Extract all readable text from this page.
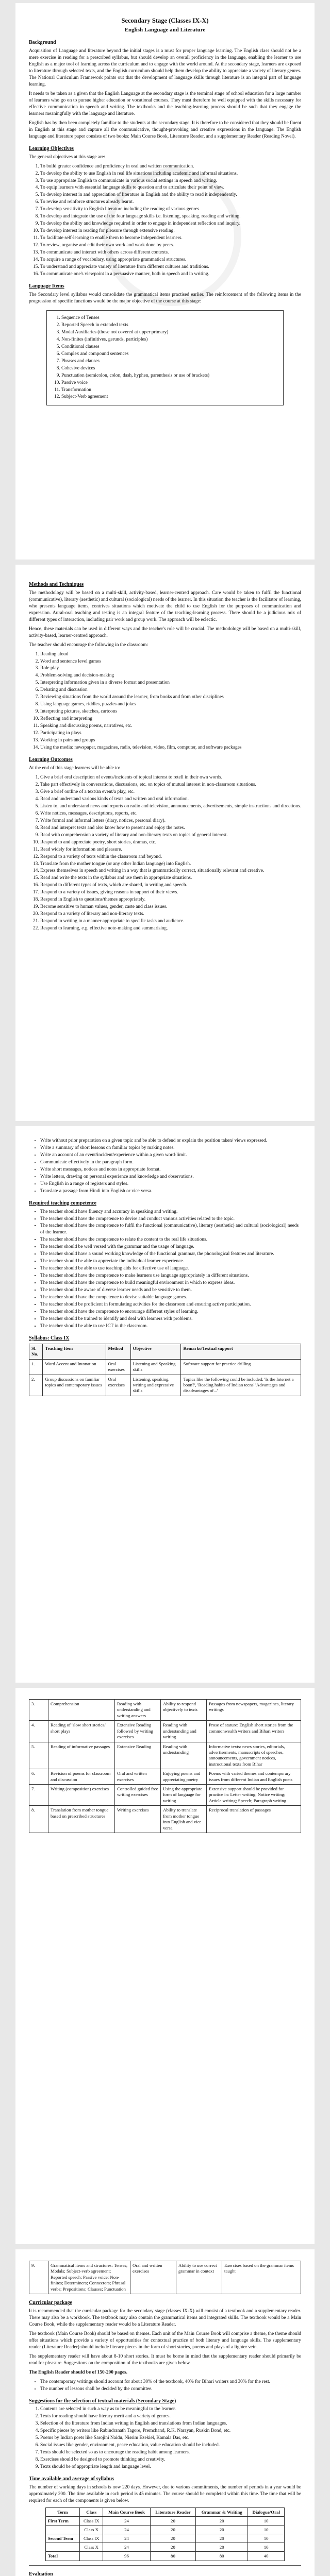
Secondary Stage (Classes IX-X)
English Language and Literature
Background

Acquisition of Language and literature beyond the initial stages is a must for proper language learning. The English class should not be a mere exercise in reading for a prescribed syllabus, but should develop an overall proficiency in the language, enabling the learner to use English as a major tool of learning across the curriculum and to engage with the world around. At the secondary stage, learners are exposed to literature through selected texts, and the English curriculum should help them develop the ability to appreciate a variety of literary genres. The National Curriculum Framework points out that the development of language skills through literature is an integral part of language learning.

It needs to be taken as a given that the English Language at the secondary stage is the terminal stage of school education for a large number of learners who go on to pursue higher education or vocational courses. They must therefore be well equipped with the skills necessary for effective communication in speech and writing. The textbooks and the teaching-learning process should be such that they engage the learners meaningfully with the language and literature.

English has by then been completely familiar to the students at the secondary stage. It is therefore to be considered that they should be fluent in English at this stage and capture all the communicative, thought-provoking and creative expressions in the language. The English language and literature paper consists of two books: Main Course Book, Literature Reader, and a supplementary Reader (Reading Novel).

Learning Objectives

The general objectives at this stage are:

1. To build greater confidence and proficiency in oral and written communication.
2. To develop the ability to use English in real life situations including academic and informal situations.
3. To use appropriate English to communicate in various social settings in speech and writing.
4. To equip learners with essential language skills to question and to articulate their point of view.
5. To develop interest in and appreciation of literature in English and the ability to read it independently.
6. To revise and reinforce structures already learnt.
7. To develop sensitivity to English literature including the reading of various genres.
8. To develop and integrate the use of the four language skills i.e. listening, speaking, reading and writing.
9. To develop the ability and knowledge required in order to engage in independent reflection and inquiry.
10. To develop interest in reading for pleasure through extensive reading.
11. To facilitate self-learning to enable them to become independent learners.
12. To review, organise and edit their own work and work done by peers.
13. To communicate and interact with others across different contexts.
14. To acquire a range of vocabulary, using appropriate grammatical structures.
15. To understand and appreciate variety of literature from different cultures and traditions.
16. To communicate one's viewpoint in a persuasive manner, both in speech and in writing.
Language Items

The Secondary level syllabus would consolidate the grammatical items practised earlier. The reinforcement of the following items in the progression of specific functions would be the major objective of the course at this stage:

1. Sequence of Tenses
2. Reported Speech in extended texts
3. Modal Auxiliaries (those not covered at upper primary)
4. Non-finites (infinitives, gerunds, participles)
5. Conditional clauses
6. Complex and compound sentences
7. Phrases and clauses
8. Cohesive devices
9. Punctuation (semicolon, colon, dash, hyphen, parenthesis or use of brackets)
10. Passive voice
11. Transformation
12. Subject-Verb agreement
Methods and Techniques

The methodology will be based on a multi-skill, activity-based, learner-centred approach. Care would be taken to fulfil the functional (communicative), literary (aesthetic) and cultural (sociological) needs of the learner. In this situation the teacher is the facilitator of learning, who presents language items, contrives situations which motivate the child to use English for the purposes of communication and expression. Aural-oral teaching and testing is an integral feature of the teaching-learning process. There should be a judicious mix of different types of interaction, including pair work and group work. The approach will be eclectic.

Hence, these materials can be used in different ways and the teacher's role will be crucial. The methodology will be based on a multi-skill, activity-based, learner-centred approach.

The teacher should encourage the following in the classroom:

1. Reading aloud
2. Word and sentence level games
3. Role play
4. Problem-solving and decision-making
5. Interpreting information given in a diverse format and presentation
6. Debating and discussion
7. Reviewing situations from the world around the learner, from books and from other disciplines
8. Using language games, riddles, puzzles and jokes
9. Interpreting pictures, sketches, cartoons
10. Reflecting and interpreting
11. Speaking and discussing poems, narratives, etc.
12. Participating in plays
13. Working in pairs and groups
14. Using the media: newspaper, magazines, radio, television, video, film, computer, and software packages
Learning Outcomes

At the end of this stage learners will be able to:

1. Give a brief oral description of events/incidents of topical interest to retell in their own words.
2. Take part effectively in conversations, discussions, etc. on topics of mutual interest in non-classroom situations.
3. Give a brief outline of a text/an event/a play, etc.
4. Read and understand various kinds of texts and written and oral information.
5. Listen to, and understand news and reports on radio and television, announcements, advertisements, simple instructions and directions.
6. Write notices, messages, descriptions, reports, etc.
7. Write formal and informal letters (diary, notices, personal diary).
8. Read and interpret texts and also know how to present and enjoy the notes.
9. Read with comprehension a variety of literary and non-literary texts on topics of general interest.
10. Respond to and appreciate poetry, short stories, dramas, etc.
11. Read widely for information and pleasure.
12. Respond to a variety of texts within the classroom and beyond.
13. Translate from the mother tongue (or any other Indian language) into English.
14. Express themselves in speech and writing in a way that is grammatically correct, situationally relevant and creative.
15. Read and write the texts in the syllabus and use them in appropriate situations.
16. Respond to different types of texts, which are shared, in writing and speech.
17. Respond to a variety of issues, giving reasons in support of their views.
18. Respond in English to questions/themes appropriately.
19. Become sensitive to human values, gender, caste and class issues.
20. Respond to a variety of literary and non-literary texts.
21. Respond in writing in a manner appropriate to specific tasks and audience.
22. Respond to learning, e.g. effective note-making and summarising.
• Write without prior preparation on a given topic and be able to defend or explain the position taken/ views expressed.
• Write a summary of short lessons on familiar topics by making notes.
• Write an account of an event/incident/experience within a given word-limit.
• Communicate effectively in the paragraph form.
• Write short messages, notices and notes in appropriate format.
• Write letters, drawing on personal experience and knowledge and observations.
• Use English in a range of registers and styles.
• Translate a passage from Hindi into English or vice versa.
Required teaching competence
▪ The teacher should have fluency and accuracy in speaking and writing.
▪ The teacher should have the competence to devise and conduct various activities related to the topic.
▪ The teacher should have the competence to fulfil the functional (communicative), literary (aesthetic) and cultural (sociological) needs of the learner.
▪ The teacher should have the competence to relate the content to the real life situations.
▪ The teacher should be well versed with the grammar and the usage of language.
▪ The teacher should have a sound working knowledge of the functional grammar, the phonological features and literature.
▪ The teacher should be able to appreciate the individual learner experience.
▪ The teacher should be able to use teaching aids for effective use of language.
▪ The teacher should have the competence to make learners use language appropriately in different situations.
▪ The teacher should have the competence to build meaningful environment in which to express ideas.
▪ The teacher should be aware of diverse learner needs and be sensitive to them.
▪ The teacher should have the competence to devise suitable language games.
▪ The teacher should be proficient in formulating activities for the classroom and ensuring active participation.
▪ The teacher should have the competence to encourage different styles of learning.
▪ The teacher should be trained to identify and deal with learners with problems.
▪ The teacher should be able to use ICT in the classroom.
Syllabus: Class IX
Sl. No.	Teaching Item	Method	Objective	Remarks/Textual support
1.	Word Accent and Intonation	Oral exercises	Listening and Speaking skills	Software support for practice drilling
2.	Group discussions on familiar topics and contemporary issues	Oral exercises	Listening, speaking, writing and expressive skills	Topics like the following could be included: 'Is the Internet a boon?', 'Reading habits of Indian teens' 'Advantages and disadvantages of...'
3.	Comprehension	Reading with understanding and writing answers	Ability to respond objectively to texts	Passages from newspapers, magazines, literary writings
4.	Reading of 'slow short stories/ short plays	Extensive Reading followed by writing exercises	Reading with understanding and writing	Prose of stature: English short stories from the commonwealth writers and Bihari writers
5.	Reading of informative passages	Extensive Reading	Reading with understanding	Informative texts: news stories, editorials, advertisements, manuscripts of speeches, announcements, government notices, instructional texts from Bihar
6.	Revision of poems for classroom and discussion	Oral and written exercises	Enjoying poems and appreciating poetry	Poems with varied themes and contemporary issues from different Indian and English poets
7.	Writing (composition) exercises	Controlled guided free writing exercises	Using the appropriate form of language for writing	Extensive support should be provided for practice in: Letter writing; Notice writing; Article writing; Speech; Paragraph writing
8.	Translation from mother tongue based on prescribed structures	Writing exercises	Ability to translate from mother tongue into English and vice versa	Reciprocal translation of passages
9.	Grammatical items and structures: Tenses; Modals; Subject-verb agreement; Reported speech; Passive voice; Non-finites; Determiners; Connectors; Phrasal verbs; Prepositions; Clauses; Punctuation	Oral and written exercises	Ability to use correct grammar in context	Exercises based on the grammar items taught
Curricular package

It is recommended that the curricular package for the secondary stage (classes IX-X) will consist of a textbook and a supplementary reader. There may also be a workbook. The textbook may also contain the grammatical items and integrated skills. The textbook would be a Main Course Book, while the supplementary reader would be a Literature Reader.

The textbook (Main Course Book) should be based on themes. Each unit of the Main Course Book will comprise a theme, the theme should offer situations which provide a variety of opportunities for contextual practice of both literary and language skills. The supplementary reader (Literature Reader) should include literary pieces in the form of short stories, poems and plays of a lighter vein.

The supplementary reader will have about 8-10 short stories. It must be borne in mind that the supplementary reader should primarily be read for pleasure. Suggestions on the composition of the textbooks are given below.

The English Reader should be of 150-200 pages.

• The contemporary writings should account for about 30% of the textbook, 40% for Bihari writers and 30% for the rest.
• The number of lessons shall be decided by the committee.
Suggestions for the selection of textual materials (Secondary Stage)
1. Contents are selected in such a way as to be meaningful to the learner.
2. Texts for reading should have literary merit and a variety of genres.
3. Selection of the literature from Indian writing in English and translations from Indian languages.
4. Specific pieces by writers like Rabindranath Tagore, Premchand, R.K. Narayan, Ruskin Bond, etc.
5. Poems by Indian poets like Sarojini Naidu, Nissim Ezekiel, Kamala Das, etc.
6. Social issues like gender, environment, peace education, value education should be included.
7. Texts should be selected so as to encourage the reading habit among learners.
8. Exercises should be designed to promote thinking and creativity.
9. Texts should be of appropriate length and language level.
Time available and average of syllabus

The number of working days in schools is now 220 days. However, due to various commitments, the number of periods in a year would be approximately 200. The time available in each period is 45 minutes. The course should be completed within this time. The time that will be required for each of the components is given below.

Term	Class	Main Course Book	Literature Reader	Grammar & Writing	Dialogue/Oral
First Term	Class IX	24	20	20	10
	Class X	24	20	20	10
Second Term	Class IX	24	20	20	10
	Class X	24	20	20	10
Total		96	80	80	40
Evaluation
